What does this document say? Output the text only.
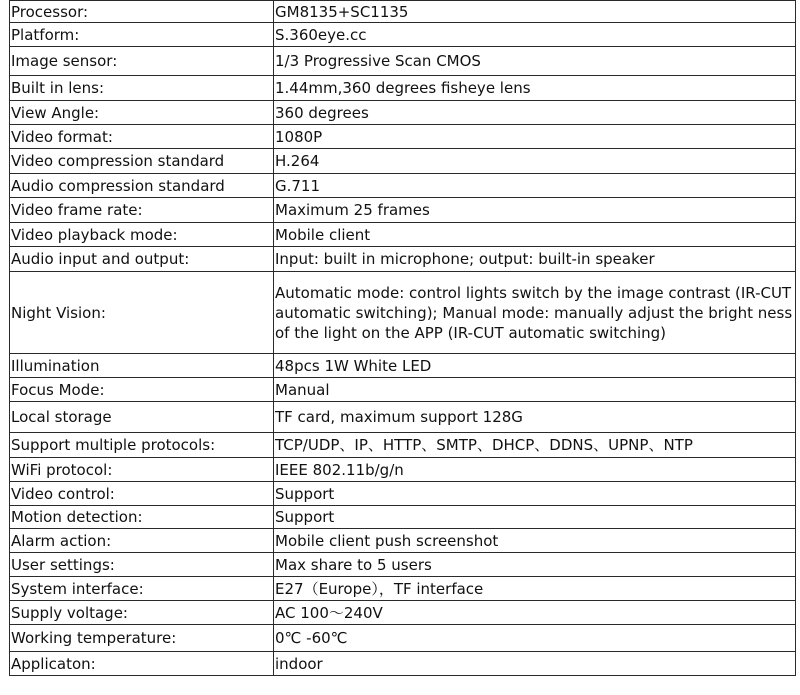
Processor:	GM8135+SC1135
Platform:	S.360eye.cc
Image sensor:	1/3 Progressive Scan CMOS
Built in lens:	1.44mm,360 degrees fisheye lens
View Angle:	360 degrees
Video format:	1080P
Video compression standard	H.264
Audio compression standard	G.711
Video frame rate:	Maximum 25 frames
Video playback mode:	Mobile client
Audio input and output:	Input: built in microphone; output: built-in speaker
Night Vision:	Automatic mode: control lights switch by the image contrast (IR-CUT automatic switching); Manual mode: manually adjust the bright ness of the light on the APP (IR-CUT automatic switching)
Illumination	48pcs 1W White LED
Focus Mode:	Manual
Local storage	TF card, maximum support 128G
Support multiple protocols:	TCP/UDP、IP、HTTP、SMTP、DHCP、DDNS、UPNP、NTP
WiFi protocol:	IEEE 802.11b/g/n
Video control:	Support
Motion detection:	Support
Alarm action:	Mobile client push screenshot
User settings:	Max share to 5 users
System interface:	E27（Europe），TF interface
Supply voltage:	AC 100～240V
Working temperature:	0℃ -60℃
Applicaton:	indoor
